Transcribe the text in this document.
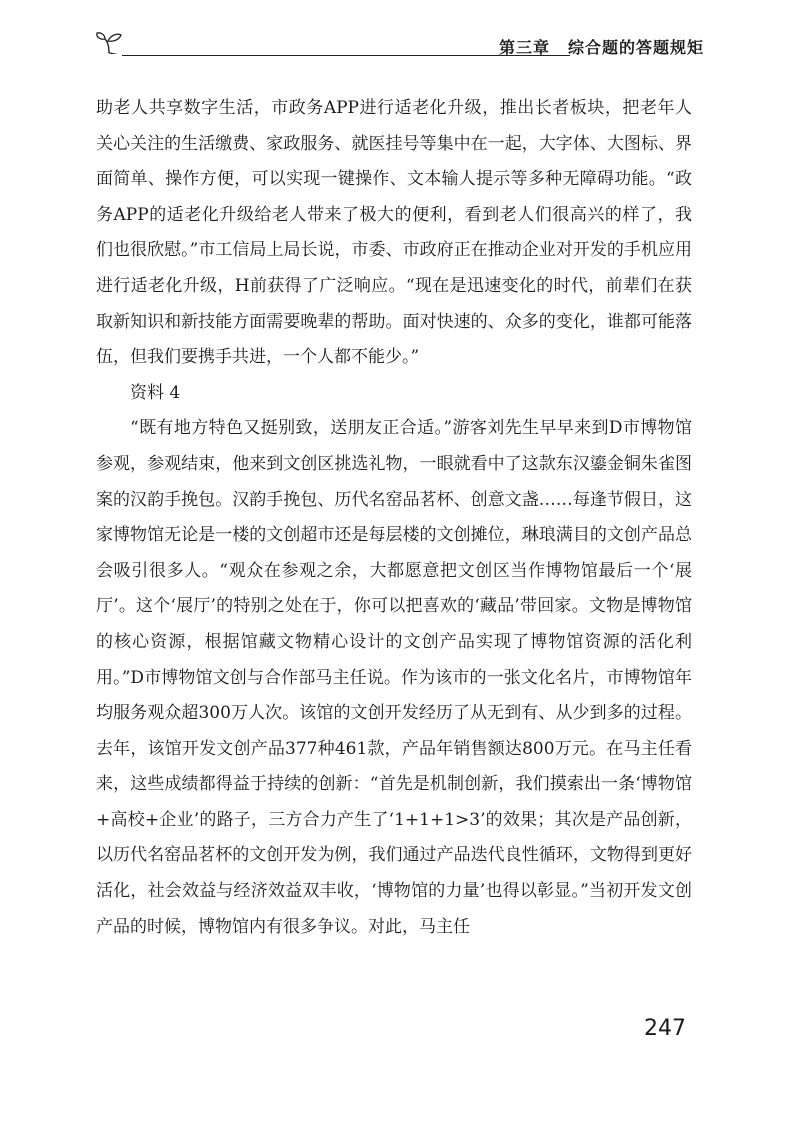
第三章 综合题的答题规矩

助老人共享数字生活，市政务APP进行适老化升级，推出长者板块，把老年人关心关注的生活缴费、家政服务、就医挂号等集中在一起，大字体、大图标、界面简单、操作方便，可以实现一键操作、文本输人提示等多种无障碍功能。“政务APP的适老化升级给老人带来了极大的便利，看到老人们很高兴的样了，我们也很欣慰。”市工信局上局长说，市委、市政府正在推动企业对开发的手机应用进行适老化升级，H前获得了广泛响应。“现在是迅速变化的时代，前辈们在获取新知识和新技能方面需要晚辈的帮助。面对快速的、众多的变化，谁都可能落伍，但我们要携手共进，一个人都不能少。”

资料 4

“既有地方特色又挺别致，送朋友正合适。”游客刘先生早早来到D市博物馆参观，参观结束，他来到文创区挑选礼物，一眼就看中了这款东汉鎏金铜朱雀图案的汉韵手挽包。汉韵手挽包、历代名窑品茗杯、创意文盏……每逢节假日，这家博物馆无论是一楼的文创超市还是每层楼的文创摊位，琳琅满目的文创产品总会吸引很多人。“观众在参观之余，大都愿意把文创区当作博物馆最后一个‘展厅’。这个‘展厅’的特别之处在于，你可以把喜欢的‘藏品’带回家。文物是博物馆的核心资源，根据馆藏文物精心设计的文创产品实现了博物馆资源的活化利用。”D市博物馆文创与合作部马主任说。作为该市的一张文化名片，市博物馆年均服务观众超300万人次。该馆的文创开发经历了从无到有、从少到多的过程。去年，该馆开发文创产品377种461款，产品年销售额达800万元。在马主任看来，这些成绩都得益于持续的创新：“首先是机制创新，我们摸索出一条‘博物馆+高校+企业’的路子，三方合力产生了‘1+1+1>3’的效果；其次是产品创新，以历代名窑品茗杯的文创开发为例，我们通过产品迭代良性循环，文物得到更好活化，社会效益与经济效益双丰收，‘博物馆的力量’也得以彰显。”当初开发文创产品的时候，博物馆内有很多争议。对此，马主任

247
